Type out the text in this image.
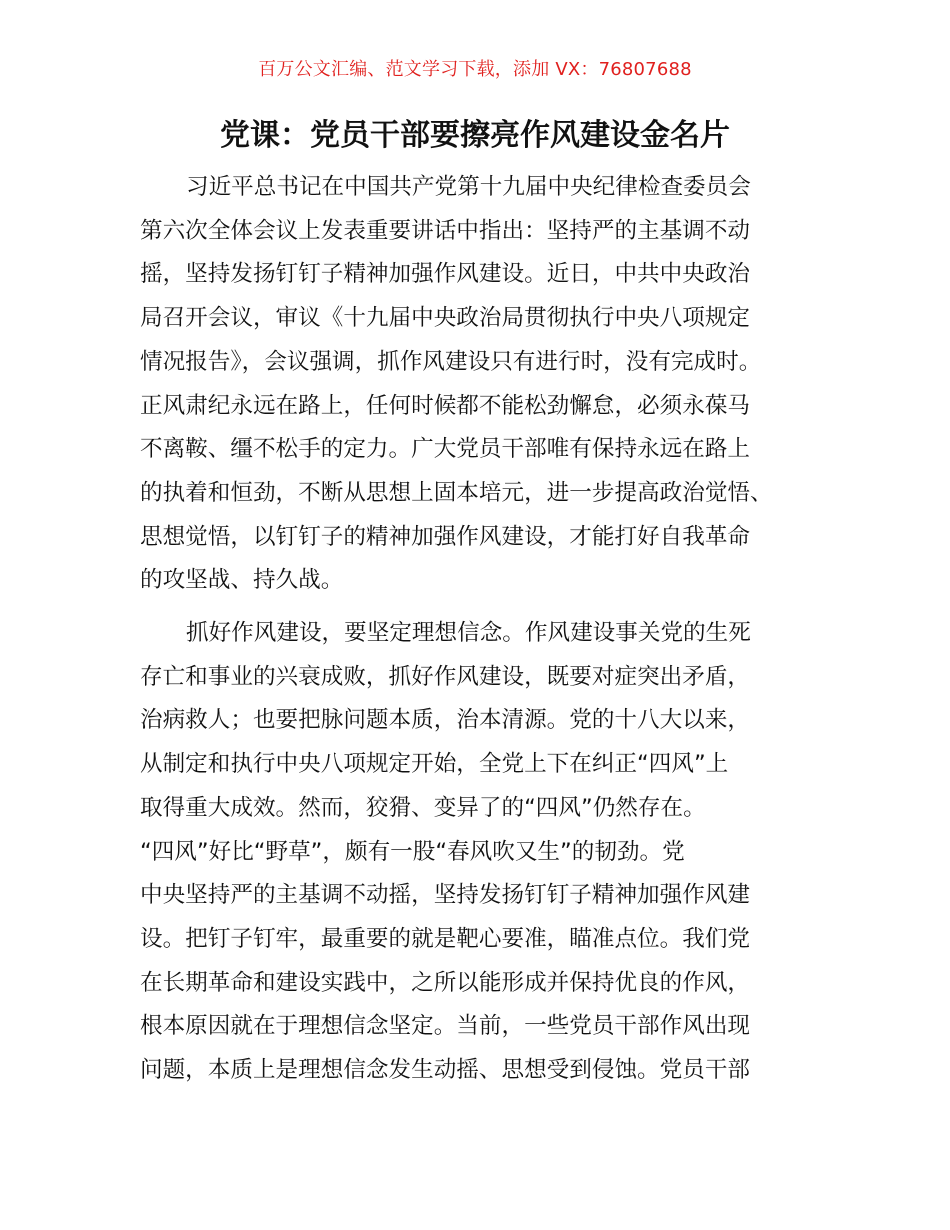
百万公文汇编、范文学习下载，添加 VX：76807688
党课：党员干部要擦亮作风建设金名片
习近平总书记在中国共产党第十九届中央纪律检查委员会
第六次全体会议上发表重要讲话中指出：坚持严的主基调不动
摇，坚持发扬钉钉子精神加强作风建设。近日，中共中央政治
局召开会议，审议《十九届中央政治局贯彻执行中央八项规定
情况报告》，会议强调，抓作风建设只有进行时，没有完成时。
正风肃纪永远在路上，任何时候都不能松劲懈怠，必须永葆马
不离鞍、缰不松手的定力。广大党员干部唯有保持永远在路上
的执着和恒劲，不断从思想上固本培元，进一步提高政治觉悟、
思想觉悟，以钉钉子的精神加强作风建设，才能打好自我革命
的攻坚战、持久战。
抓好作风建设，要坚定理想信念。作风建设事关党的生死
存亡和事业的兴衰成败，抓好作风建设，既要对症突出矛盾，
治病救人；也要把脉问题本质，治本清源。党的十八大以来，
从制定和执行中央八项规定开始，全党上下在纠正“四风”上
取得重大成效。然而，狡猾、变异了的“四风”仍然存在。
“四风”好比“野草”，颇有一股“春风吹又生”的韧劲。党
中央坚持严的主基调不动摇，坚持发扬钉钉子精神加强作风建
设。把钉子钉牢，最重要的就是靶心要准，瞄准点位。我们党
在长期革命和建设实践中，之所以能形成并保持优良的作风，
根本原因就在于理想信念坚定。当前，一些党员干部作风出现
问题，本质上是理想信念发生动摇、思想受到侵蚀。党员干部
